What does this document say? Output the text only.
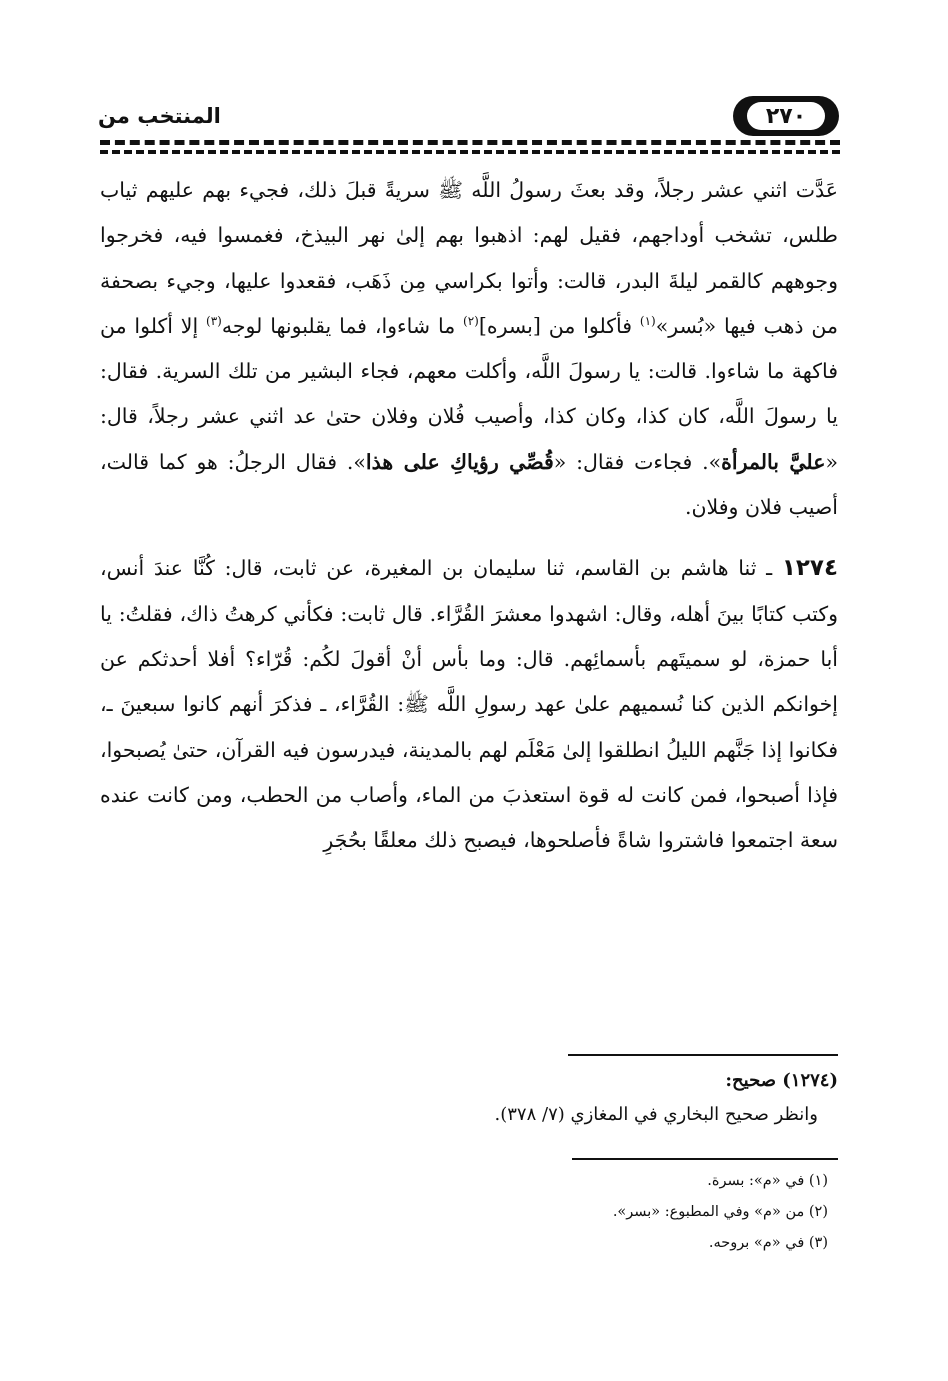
٢٧٠
المنتخب من

عَدَّت اثني عشر رجلاً، وقد بعثَ رسولُ اللَّه ﷺ سريةً قبلَ ذلك، فجيء بهم عليهم ثياب طلس، تشخب أوداجهم، فقيل لهم: اذهبوا بهم إلىٰ نهر البيذخ، فغمسوا فيه، فخرجوا وجوههم كالقمر ليلةَ البدر، قالت: وأتوا بكراسي مِن ذَهَب، فقعدوا عليها، وجيء بصحفة من ذهب فيها «بُسر»$^{(١)}$ فأكلوا من [بسره]$^{(٢)}$ ما شاءوا، فما يقلبونها لوجه$^{(٣)}$ إلا أكلوا من فاكهة ما شاءوا. قالت: يا رسولَ اللَّه، وأكلت معهم، فجاء البشير من تلك السرية. فقال: يا رسولَ اللَّه، كان كذا، وكان كذا، وأصيب فُلان وفلان حتىٰ عد اثني عشر رجلاً، قال: «عليَّ بالمرأة». فجاءت فقال: «قُصِّي رؤياكِ على هذا». فقال الرجلُ: هو كما قالت، أصيب فلان وفلان.

١٢٧٤ ـ ثنا هاشم بن القاسم، ثنا سليمان بن المغيرة، عن ثابت، قال: كُنَّا عندَ أنس، وكتب كتابًا بينَ أهله، وقال: اشهدوا معشرَ القُرَّاء. قال ثابت: فكأني كرهتُ ذاك، فقلتُ: يا أبا حمزة، لو سميتَهم بأسمائِهم. قال: وما بأس أنْ أقولَ لكُم: قُرّاء؟ أفلا أحدثكم عن إخوانكم الذين كنا نُسميهم علىٰ عهد رسولِ اللَّه ﷺ: القُرَّاء، ـ فذكرَ أنهم كانوا سبعينَ ـ، فكانوا إذا جَنَّهم الليلُ انطلقوا إلىٰ مَعْلَم لهم بالمدينة، فيدرسون فيه القرآن، حتىٰ يُصبحوا، فإذا أصبحوا، فمن كانت له قوة استعذبَ من الماء، وأصاب من الحطب، ومن كانت عنده سعة اجتمعوا فاشتروا شاةً فأصلحوها، فيصبح ذلك معلقًا بحُجَرِ

(١٢٧٤) صحيح:
وانظر صحيح البخاري في المغازي (٧/ ٣٧٨).
(١) في «م»: بسرة.
(٢) من «م» وفي المطبوع: «بسر».
(٣) في «م» بروحه.
